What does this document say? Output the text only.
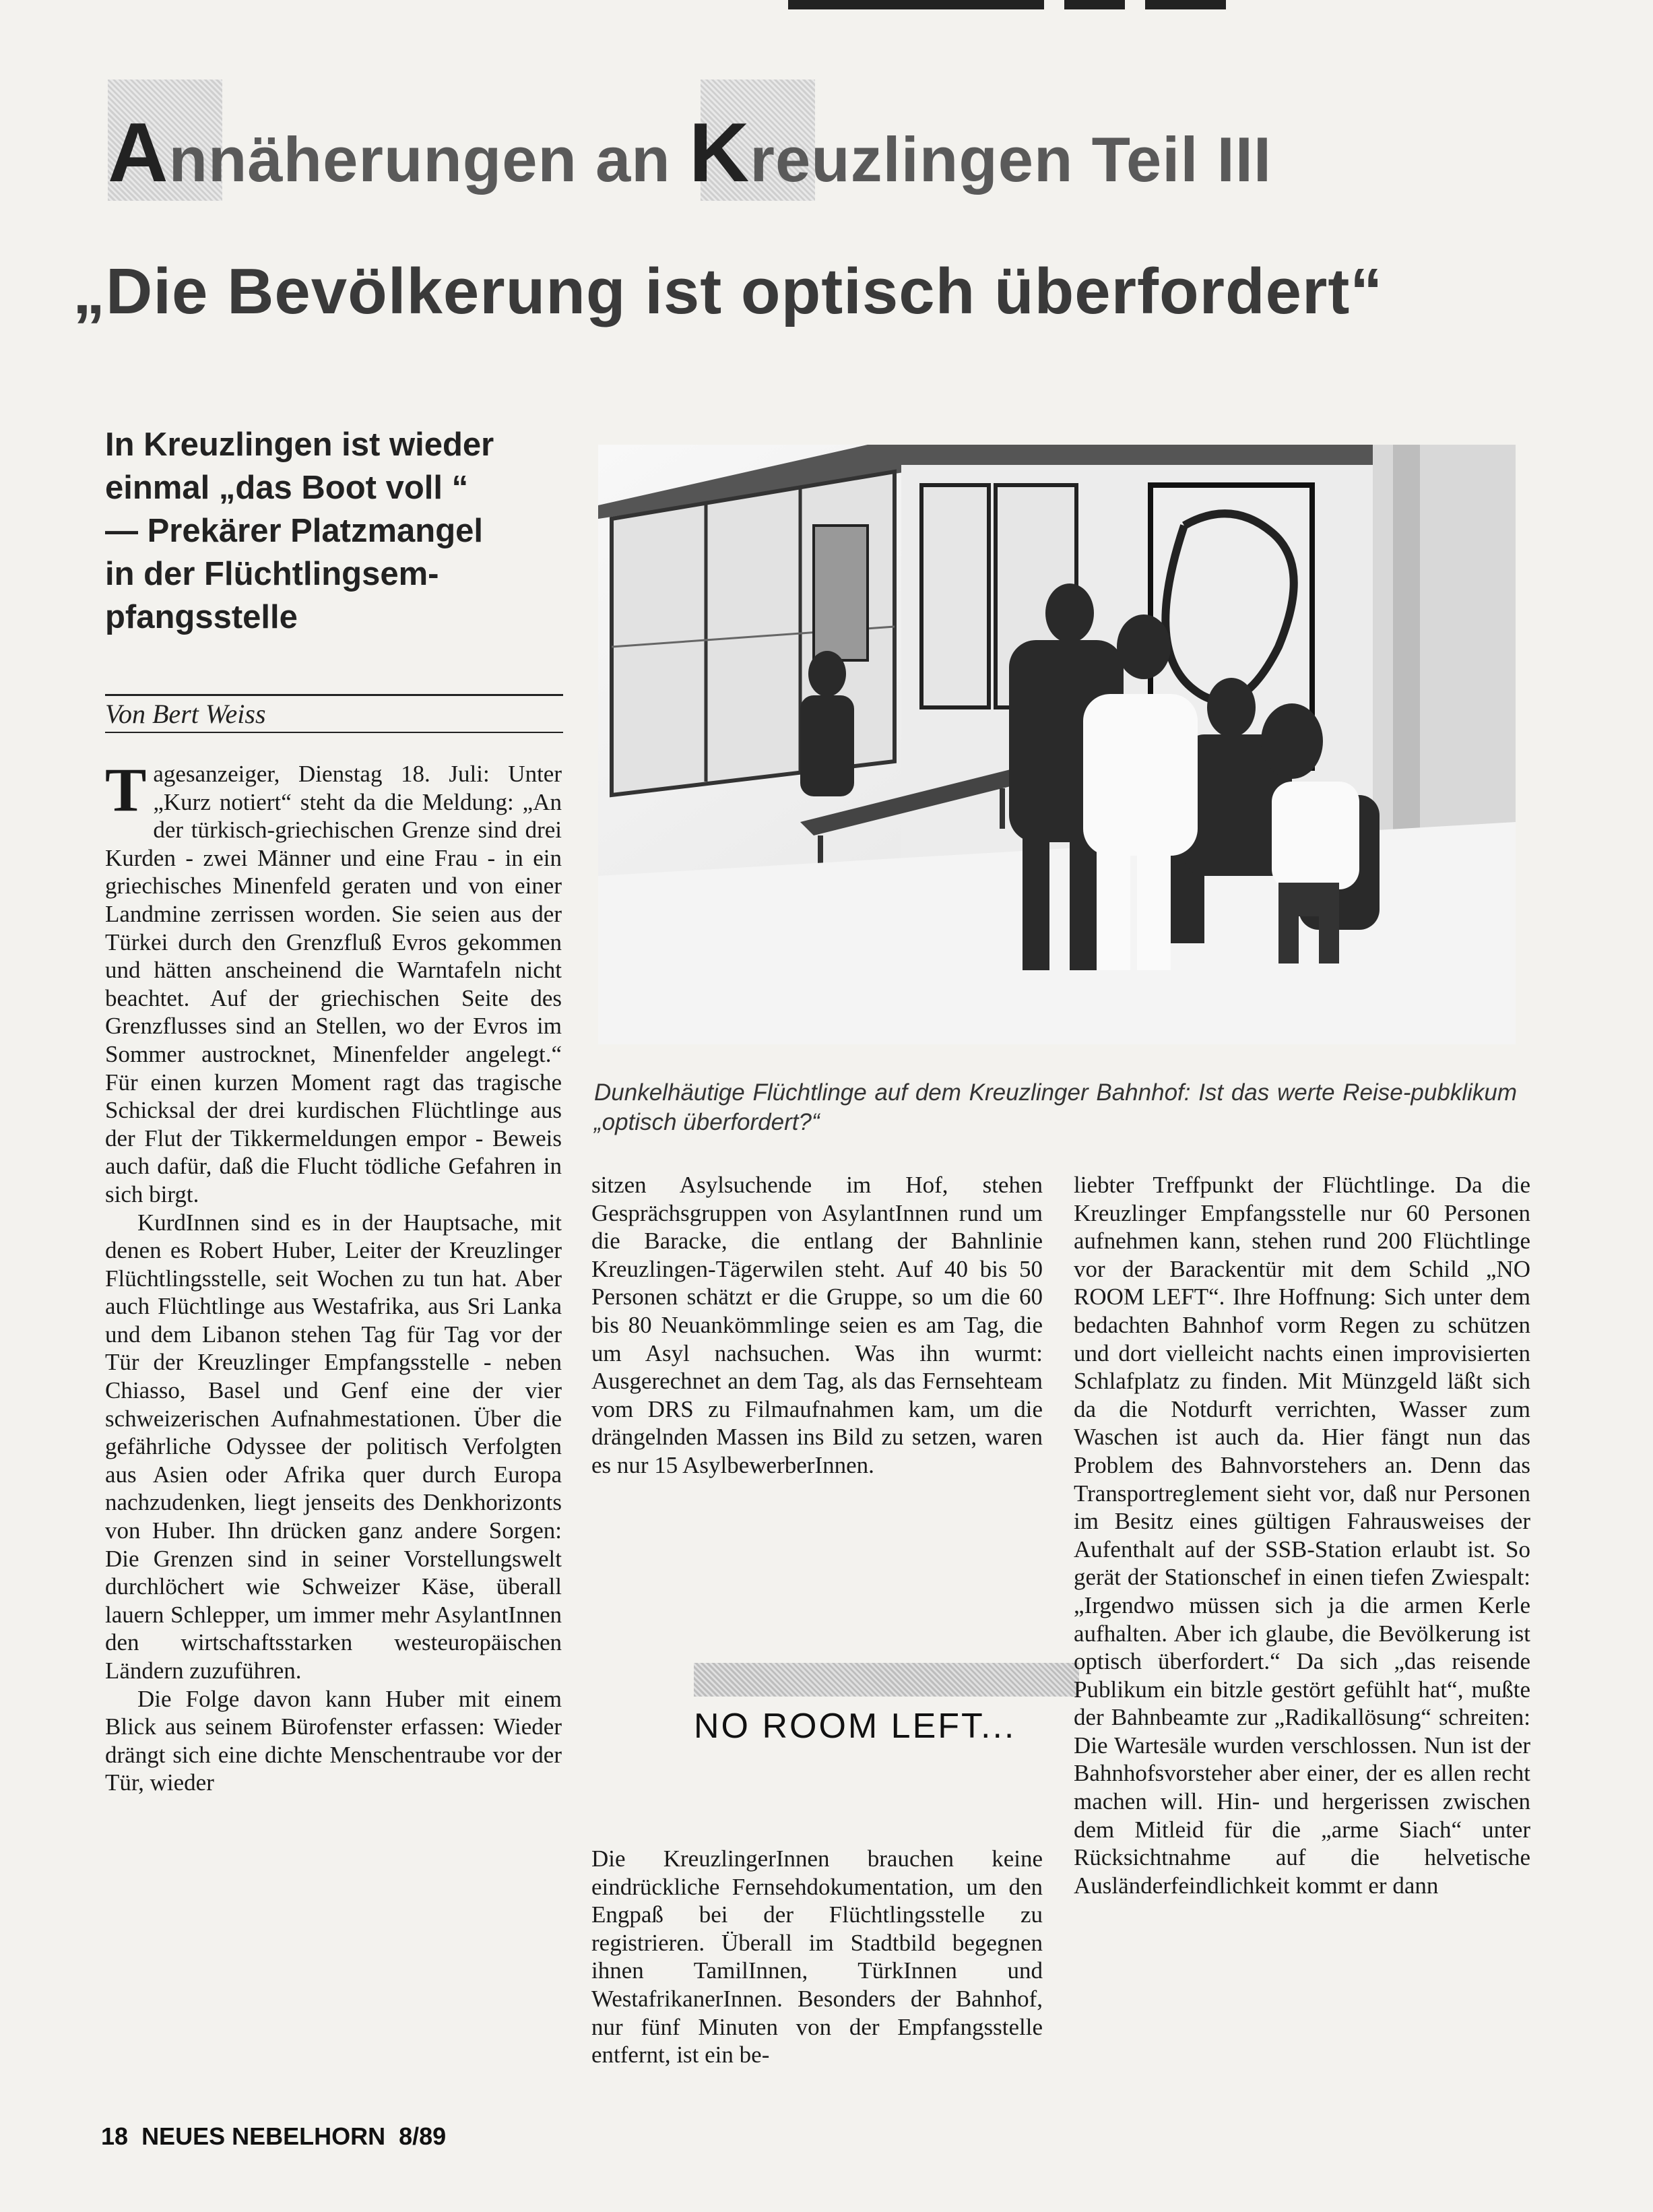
Annäherungen an Kreuzlingen Teil III
„Die Bevölkerung ist optisch überfordert“
In Kreuzlingen ist wieder
einmal „das Boot voll “
— Prekärer Platzmangel
in der Flüchtlingsem-
pfangsstelle
Von Bert Weiss
Dunkelhäutige Flüchtlinge auf dem Kreuzlinger Bahnhof: Ist das werte Reise-pubklikum „optisch überfordert?“

Tagesanzeiger, Dienstag 18. Juli: Unter „Kurz notiert“ steht da die Meldung: „An der türkisch-griechischen Grenze sind drei Kurden - zwei Männer und eine Frau - in ein griechisches Minenfeld geraten und von einer Landmine zerrissen worden. Sie seien aus der Türkei durch den Grenzfluß Evros gekommen und hätten anscheinend die Warntafeln nicht beachtet. Auf der griechischen Seite des Grenzflusses sind an Stellen, wo der Evros im Sommer austrocknet, Minenfelder angelegt.“ Für einen kurzen Moment ragt das tragische Schicksal der drei kurdischen Flüchtlinge aus der Flut der Tikkermeldungen empor - Beweis auch dafür, daß die Flucht tödliche Gefahren in sich birgt.

KurdInnen sind es in der Hauptsache, mit denen es Robert Huber, Leiter der Kreuzlinger Flüchtlingsstelle, seit Wochen zu tun hat. Aber auch Flüchtlinge aus Westafrika, aus Sri Lanka und dem Libanon stehen Tag für Tag vor der Tür der Kreuzlinger Empfangsstelle - neben Chiasso, Basel und Genf eine der vier schweizerischen Aufnahmestationen. Über die gefährliche Odyssee der politisch Verfolgten aus Asien oder Afrika quer durch Europa nachzudenken, liegt jenseits des Denkhorizonts von Huber. Ihn drücken ganz andere Sorgen: Die Grenzen sind in seiner Vorstellungswelt durchlöchert wie Schweizer Käse, überall lauern Schlepper, um immer mehr AsylantInnen den wirtschaftsstarken westeuropäischen Ländern zuzuführen.

Die Folge davon kann Huber mit einem Blick aus seinem Bürofenster erfassen: Wieder drängt sich eine dichte Menschentraube vor der Tür, wieder

sitzen Asylsuchende im Hof, stehen Gesprächsgruppen von AsylantInnen rund um die Baracke, die entlang der Bahnlinie Kreuzlingen-Tägerwilen steht. Auf 40 bis 50 Personen schätzt er die Gruppe, so um die 60 bis 80 Neuankömmlinge seien es am Tag, die um Asyl nachsuchen. Was ihn wurmt: Ausgerechnet an dem Tag, als das Fernsehteam vom DRS zu Filmaufnahmen kam, um die drängelnden Massen ins Bild zu setzen, waren es nur 15 AsylbewerberInnen.

NO ROOM LEFT...

Die KreuzlingerInnen brauchen keine eindrückliche Fernsehdokumentation, um den Engpaß bei der Flüchtlingsstelle zu registrieren. Überall im Stadtbild begegnen ihnen TamilInnen, TürkInnen und WestafrikanerInnen. Besonders der Bahnhof, nur fünf Minuten von der Empfangsstelle entfernt, ist ein be-

liebter Treffpunkt der Flüchtlinge. Da die Kreuzlinger Empfangsstelle nur 60 Personen aufnehmen kann, stehen rund 200 Flüchtlinge vor der Barackentür mit dem Schild „NO ROOM LEFT“. Ihre Hoffnung: Sich unter dem bedachten Bahnhof vorm Regen zu schützen und dort vielleicht nachts einen improvisierten Schlafplatz zu finden. Mit Münzgeld läßt sich da die Notdurft verrichten, Wasser zum Waschen ist auch da. Hier fängt nun das Problem des Bahnvorstehers an. Denn das Transportreglement sieht vor, daß nur Personen im Besitz eines gültigen Fahrausweises der Aufenthalt auf der SSB-Station erlaubt ist. So gerät der Stationschef in einen tiefen Zwiespalt: „Irgendwo müssen sich ja die armen Kerle aufhalten. Aber ich glaube, die Bevölkerung ist optisch überfordert.“ Da sich „das reisende Publikum ein bitzle gestört gefühlt hat“, mußte der Bahnbeamte zur „Radikallösung“ schreiten: Die Wartesäle wurden verschlossen. Nun ist der Bahnhofsvorsteher aber einer, der es allen recht machen will. Hin- und hergerissen zwischen dem Mitleid für die „arme Siach“ unter Rücksichtnahme auf die helvetische Ausländerfeindlichkeit kommt er dann

18 NEUES NEBELHORN 8/89
